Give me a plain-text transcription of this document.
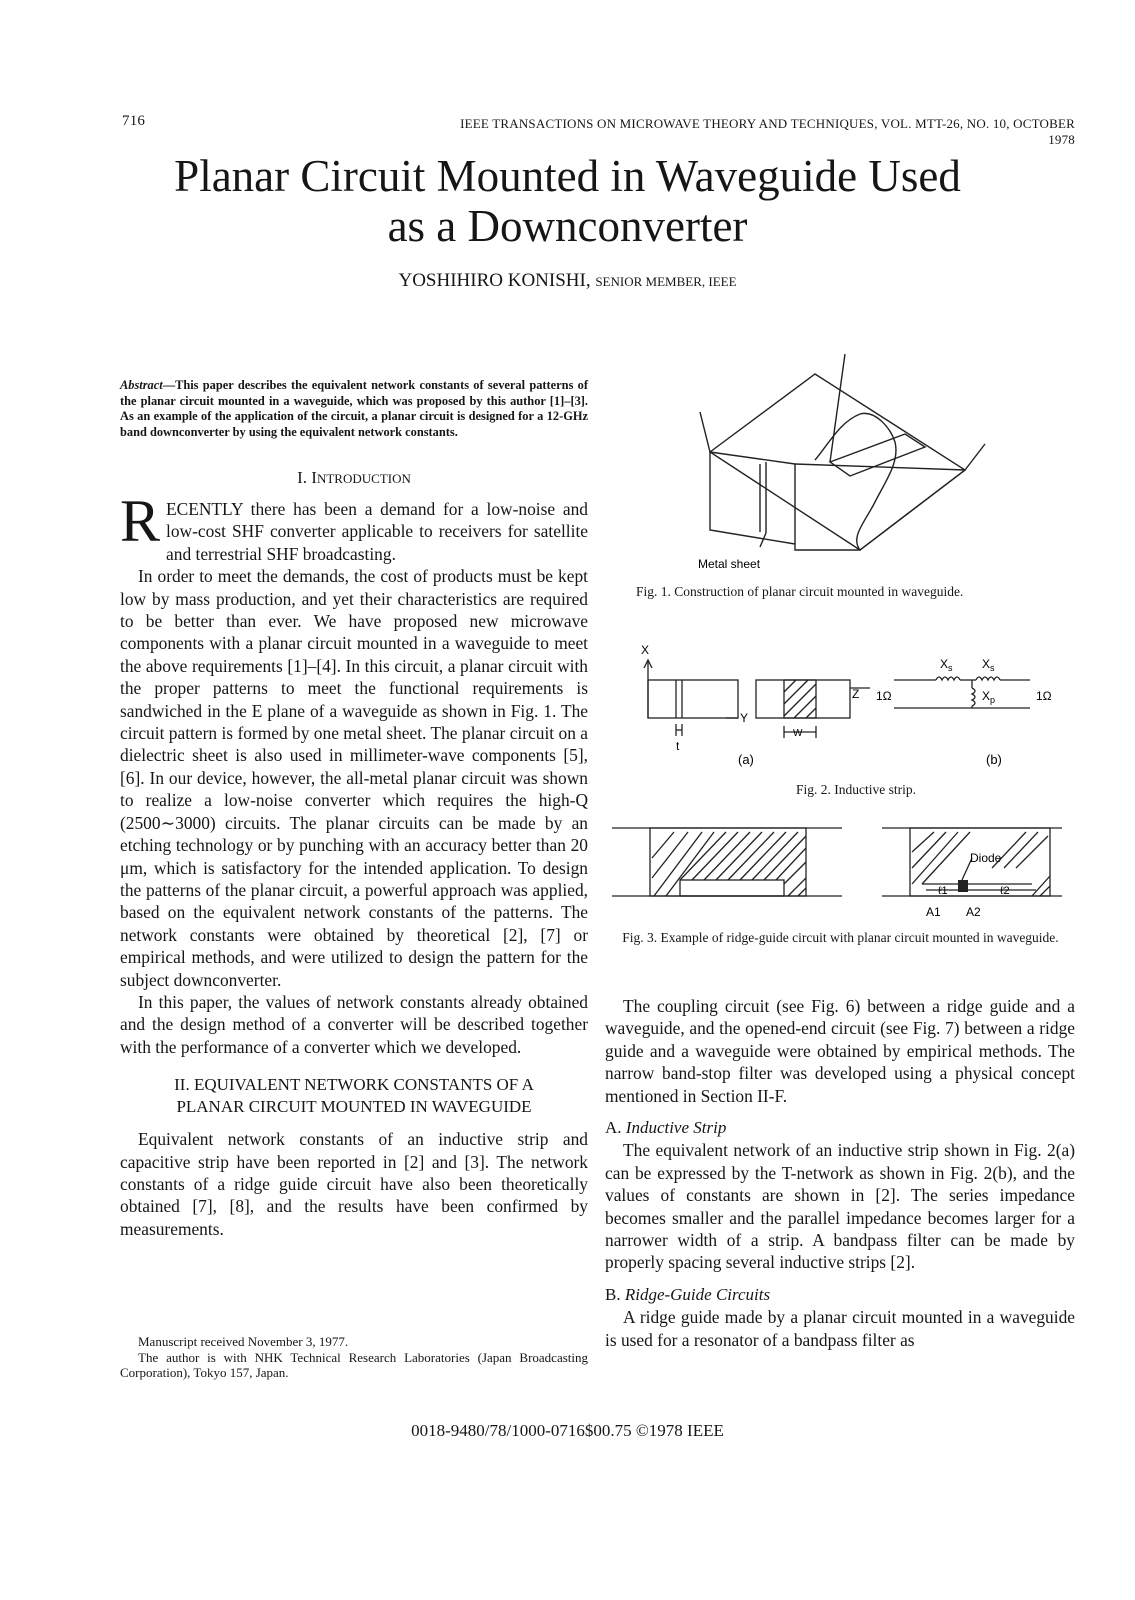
716	IEEE TRANSACTIONS ON MICROWAVE THEORY AND TECHNIQUES, VOL. MTT-26, NO. 10, OCTOBER 1978
Planar Circuit Mounted in Waveguide Used
as a Downconverter
YOSHIHIRO KONISHI, SENIOR MEMBER, IEEE
Abstract—This paper describes the equivalent network constants of several patterns of the planar circuit mounted in a waveguide, which was proposed by this author [1]–[3]. As an example of the application of the circuit, a planar circuit is designed for a 12-GHz band downconverter by using the equivalent network constants.
I. INTRODUCTION

RECENTLY there has been a demand for a low-noise and low-cost SHF converter applicable to receivers for satellite and terrestrial SHF broadcasting.

In order to meet the demands, the cost of products must be kept low by mass production, and yet their characteristics are required to be better than ever. We have proposed new microwave components with a planar circuit mounted in a waveguide to meet the above requirements [1]–[4]. In this circuit, a planar circuit with the proper patterns to meet the functional requirements is sandwiched in the E plane of a waveguide as shown in Fig. 1. The circuit pattern is formed by one metal sheet. The planar circuit on a dielectric sheet is also used in millimeter-wave components [5], [6]. In our device, however, the all-metal planar circuit was shown to realize a low-noise converter which requires the high-Q (2500∼3000) circuits. The planar circuits can be made by an etching technology or by punching with an accuracy better than 20 μm, which is satisfactory for the intended application. To design the patterns of the planar circuit, a powerful approach was applied, based on the equivalent network constants of the patterns. The network constants were obtained by theoretical [2], [7] or empirical methods, and were utilized to design the pattern for the subject downconverter.

In this paper, the values of network constants already obtained and the design method of a converter will be described together with the performance of a converter which we developed.

II. EQUIVALENT NETWORK CONSTANTS OF A
PLANAR CIRCUIT MOUNTED IN WAVEGUIDE

Equivalent network constants of an inductive strip and capacitive strip have been reported in [2] and [3]. The network constants of a ridge guide circuit have also been theoretically obtained [7], [8], and the results have been confirmed by measurements.

Manuscript received November 3, 1977.
The author is with NHK Technical Research Laboratories (Japan Broadcasting Corporation), Tokyo 157, Japan.
Metal sheet
Fig. 1. Construction of planar circuit mounted in waveguide.
X
Y
Z
t
W
1Ω	1Ω
$X_s$ $X_s$
$X_p$
(a)	(b)
Fig. 2. Inductive strip.
Diode
ℓ1	ℓ2
A1 A2
Fig. 3. Example of ridge-guide circuit with planar circuit mounted in waveguide.

The coupling circuit (see Fig. 6) between a ridge guide and a waveguide, and the opened-end circuit (see Fig. 7) between a ridge guide and a waveguide were obtained by empirical methods. The narrow band-stop filter was developed using a physical concept mentioned in Section II-F.

A. Inductive Strip

The equivalent network of an inductive strip shown in Fig. 2(a) can be expressed by the T-network as shown in Fig. 2(b), and the values of constants are shown in [2]. The series impedance becomes smaller and the parallel impedance becomes larger for a narrower width of a strip. A bandpass filter can be made by properly spacing several inductive strips [2].

B. Ridge-Guide Circuits

A ridge guide made by a planar circuit mounted in a waveguide is used for a resonator of a bandpass filter as

0018-9480/78/1000-0716$00.75 ©1978 IEEE
